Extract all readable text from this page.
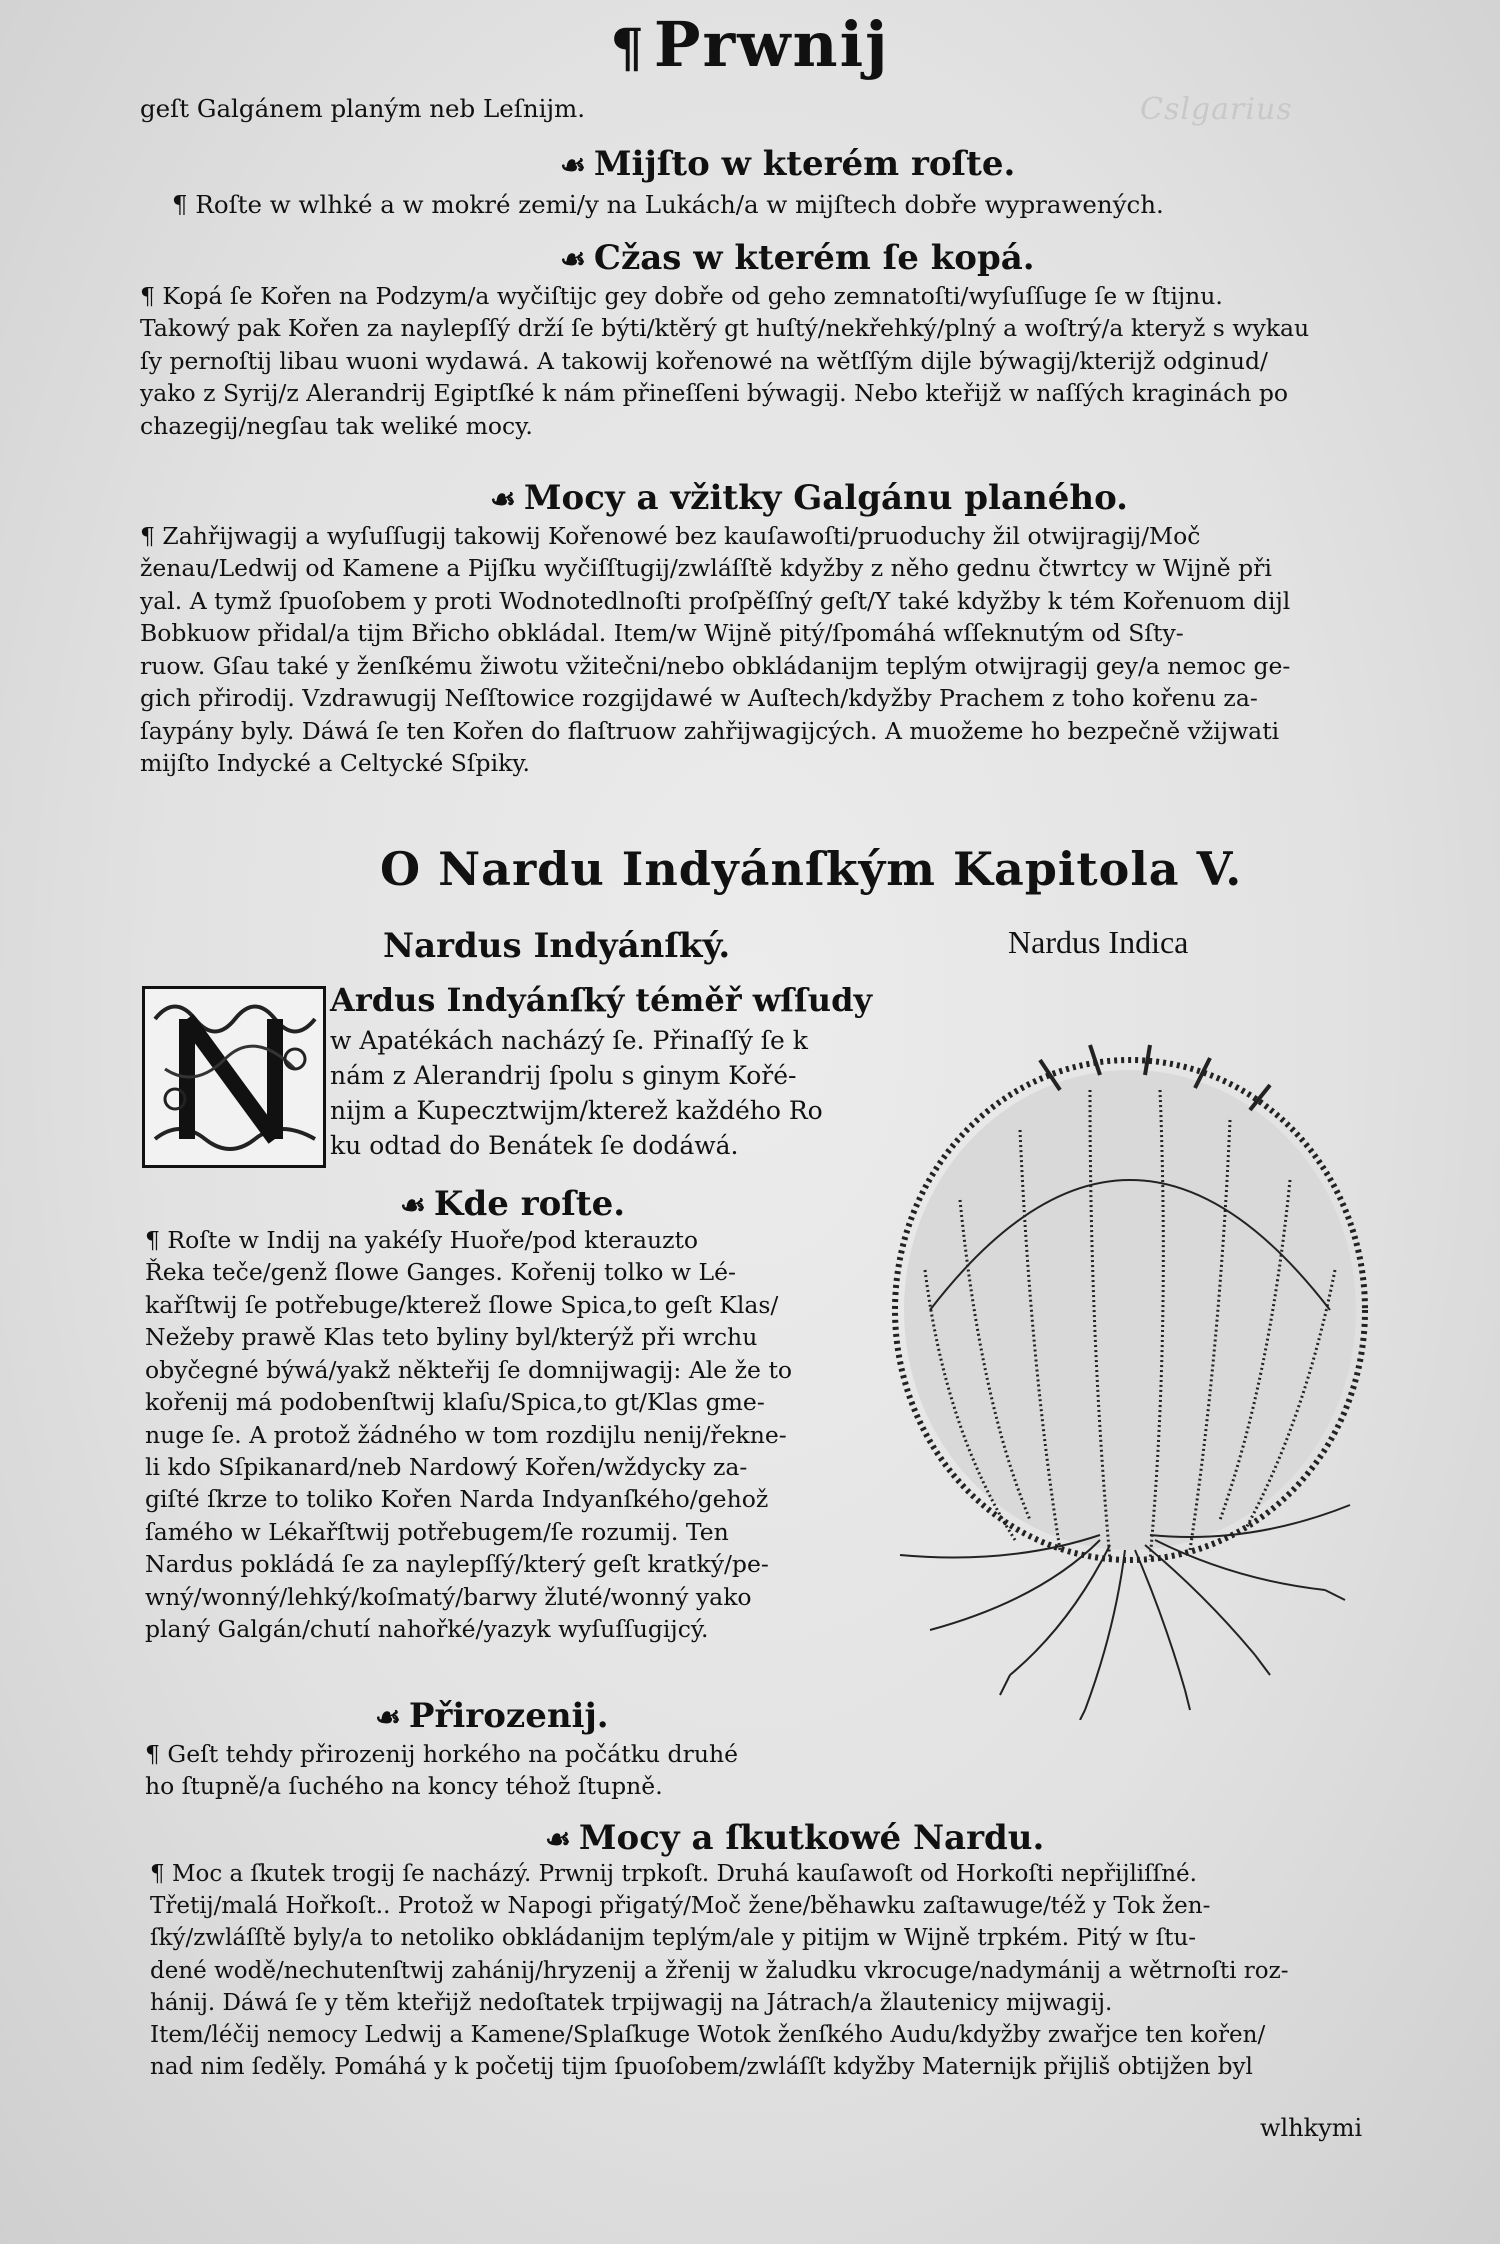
Cslgarius
¶ Prwnij
geſt Galgánem planým neb Leſnijm.
☙ Mijſto w kterém roſte.
¶ Roſte w wlhké a w mokré zemi/y na Lukách/a w mijſtech dobře wyprawených.
☙ Cžas w kterém ſe kopá.
¶ Kopá ſe Kořen na Podzym/a wyčiſtijc gey dobře od geho zemnatoſti/wyſuſſuge ſe w ſtijnu.
Takowý pak Kořen za naylepſſý drží ſe býti/ktěrý gt huſtý/nekřehký/plný a woſtrý/a kteryž s wykau
ſy pernoſtij libau wuoni wydawá. A takowij kořenowé na wětſſým dijle býwagij/kterijž odginud/
yako z Syrij/z Alerandrij Egiptſké k nám přineſſeni býwagij. Nebo kteřijž w naſſých kraginách po
chazegij/negſau tak weliké mocy.
☙ Mocy a vžitky Galgánu planého.
¶ Zahřijwagij a wyſuſſugij takowij Kořenowé bez kauſawoſti/pruoduchy žil otwijragij/Moč
ženau/Ledwij od Kamene a Pijſku wyčiſſtugij/zwláſſtě kdyžby z něho gednu čtwrtcy w Wijně při
yal. A tymž ſpuoſobem y proti Wodnotedlnoſti proſpěſſný geſt/Y také kdyžby k tém Kořenuom dijl
Bobkuow přidal/a tijm Břicho obkládal. Item/w Wijně pitý/ſpomáhá wſſeknutým od Sſty-
ruow. Gſau také y ženſkému žiwotu vžitečni/nebo obkládanijm teplým otwijragij gey/a nemoc ge-
gich přirodij. Vzdrawugij Neſſtowice rozgijdawé w Auſtech/kdyžby Prachem z toho kořenu za-
ſaypány byly. Dáwá ſe ten Kořen do flaſtruow zahřijwagijcých. A muožeme ho bezpečně vžijwati
mijſto Indycké a Celtycké Sſpiky.
O Nardu Indyánſkým Kapitola V.
Nardus Indyánſký.	Nardus Indica
Ardus Indyánſký téměř wſſudy
w Apatékách nacházý ſe. Přinaſſý ſe k
nám z Alerandrij ſpolu s ginym Kořé-
nijm a Kupecztwijm/kterež každého Ro
ku odtad do Benátek ſe dodáwá.
☙ Kde roſte.
¶ Roſte w Indij na yakéſy Huoře/pod kterauzto
Řeka teče/genž ſlowe Ganges. Kořenij tolko w Lé-
kařſtwij ſe potřebuge/kterež ſlowe Spica,to geſt Klas/
Nežeby prawě Klas teto byliny byl/kterýž při wrchu
obyčegné býwá/yakž někteřij ſe domnijwagij: Ale že to
kořenij má podobenſtwij klaſu/Spica,to gt/Klas gme-
nuge ſe. A protož žádného w tom rozdijlu nenij/řekne-
li kdo Sſpikanard/neb Nardowý Kořen/wždycky za-
giſté ſkrze to toliko Kořen Narda Indyanſkého/gehož
ſamého w Lékařſtwij potřebugem/ſe rozumij. Ten
Nardus pokládá ſe za naylepſſý/který geſt kratký/pe-
wný/wonný/lehký/koſmatý/barwy žluté/wonný yako
planý Galgán/chutí nahořké/yazyk wyſuſſugijcý.
☙ Přirozenij.
¶ Geſt tehdy přirozenij horkého na počátku druhé
ho ſtupně/a ſuchého na koncy téhož ſtupně.
☙ Mocy a ſkutkowé Nardu.
¶ Moc a ſkutek trogij ſe nacházý. Prwnij trpkoſt. Druhá kauſawoſt od Horkoſti nepřijliſſné.
Třetij/malá Hořkoſt.. Protož w Napogi přigatý/Moč žene/běhawku zaſtawuge/též y Tok žen-
ſký/zwláſſtě byly/a to netoliko obkládanijm teplým/ale y pitijm w Wijně trpkém. Pitý w ſtu-
dené wodě/nechutenſtwij zahánij/hryzenij a žřenij w žaludku vkrocuge/nadymánij a wětrnoſti roz-
hánij. Dáwá ſe y těm kteřijž nedoſtatek trpijwagij na Játrach/a žlautenicy mijwagij.
Item/léčij nemocy Ledwij a Kamene/Splaſkuge Wotok ženſkého Audu/kdyžby zwařjce ten kořen/
nad nim ſeděly. Pomáhá y k početij tijm ſpuoſobem/zwláſſt kdyžby Maternijk přijliš obtijžen byl
wlhkymi
